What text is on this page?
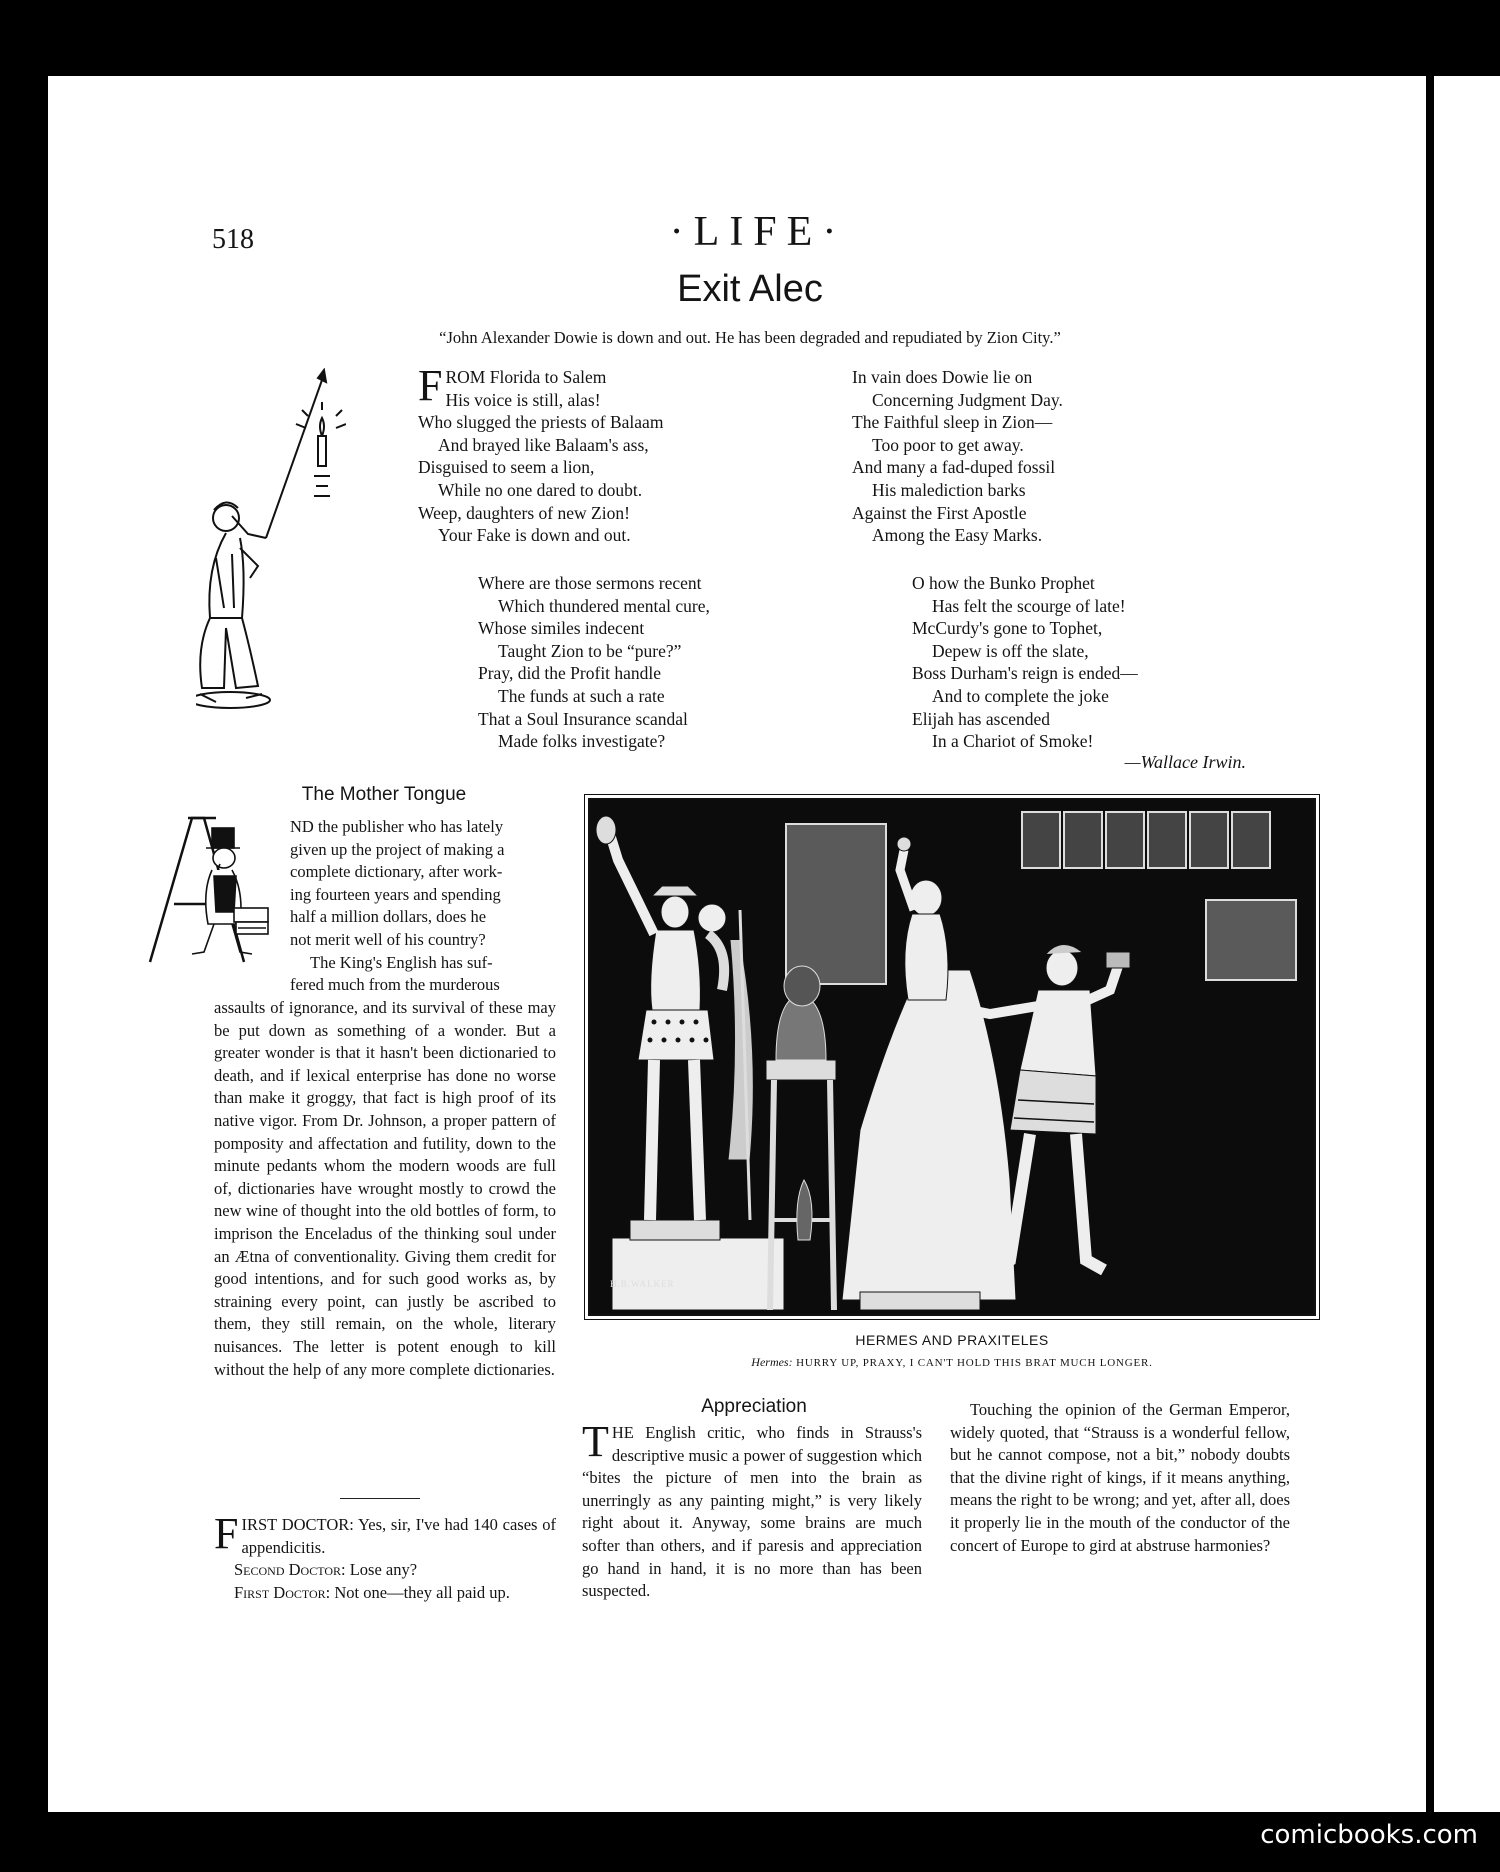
518	·LIFE·
Exit Alec
“John Alexander Dowie is down and out. He has been degraded and repudiated by Zion City.”
FROM Florida to Salem
His voice is still, alas!
Who slugged the priests of Balaam
And brayed like Balaam's ass,
Disguised to seem a lion,
While no one dared to doubt.
Weep, daughters of new Zion!
Your Fake is down and out.
In vain does Dowie lie on
Concerning Judgment Day.
The Faithful sleep in Zion—
Too poor to get away.
And many a fad-duped fossil
His malediction barks
Against the First Apostle
Among the Easy Marks.
Where are those sermons recent
Which thundered mental cure,
Whose similes indecent
Taught Zion to be “pure?”
Pray, did the Profit handle
The funds at such a rate
That a Soul Insurance scandal
Made folks investigate?
O how the Bunko Prophet
Has felt the scourge of late!
McCurdy's gone to Tophet,
Depew is off the slate,
Boss Durham's reign is ended—
And to complete the joke
Elijah has ascended
In a Chariot of Smoke!
—Wallace Irwin.
The Mother Tongue

ND the publisher who has lately

given up the project of making a

complete dictionary, after work-

ing fourteen years and spending

half a million dollars, does he

not merit well of his country?

The King's English has suf-

fered much from the murderous

assaults of ignorance, and its survival of these may be put down as something of a wonder. But a greater wonder is that it hasn't been dictionaried to death, and if lexical enterprise has done no worse than make it groggy, that fact is high proof of its native vigor. From Dr. Johnson, a proper pattern of pomposity and affectation and futility, down to the minute pedants whom the modern woods are full of, dictionaries have wrought mostly to crowd the new wine of thought into the old bottles of form, to imprison the Enceladus of the thinking soul under an Ætna of conventionality. Giving them credit for good intentions, and for such good works as, by straining every point, can justly be ascribed to them, they still remain, on the whole, literary nuisances. The letter is potent enough to kill without the help of any more complete dictionaries.

FIRST DOCTOR: Yes, sir, I've had 140 cases of appendicitis.

Second Doctor: Lose any?

First Doctor: Not one—they all paid up.

H.B.WALKER
HERMES AND PRAXITELES
Hermes: HURRY UP, PRAXY, I CAN'T HOLD THIS BRAT MUCH LONGER.
Appreciation

THE English critic, who finds in Strauss's descriptive music a power of suggestion which “bites the picture of men into the brain as unerringly as any painting might,” is very likely right about it. Anyway, some brains are much softer than others, and if paresis and appreciation go hand in hand, it is no more than has been suspected.

Touching the opinion of the German Emperor, widely quoted, that “Strauss is a wonderful fellow, but he cannot compose, not a bit,” nobody doubts that the divine right of kings, if it means anything, means the right to be wrong; and yet, after all, does it properly lie in the mouth of the conductor of the concert of Europe to gird at abstruse harmonies?
comicbooks.com
